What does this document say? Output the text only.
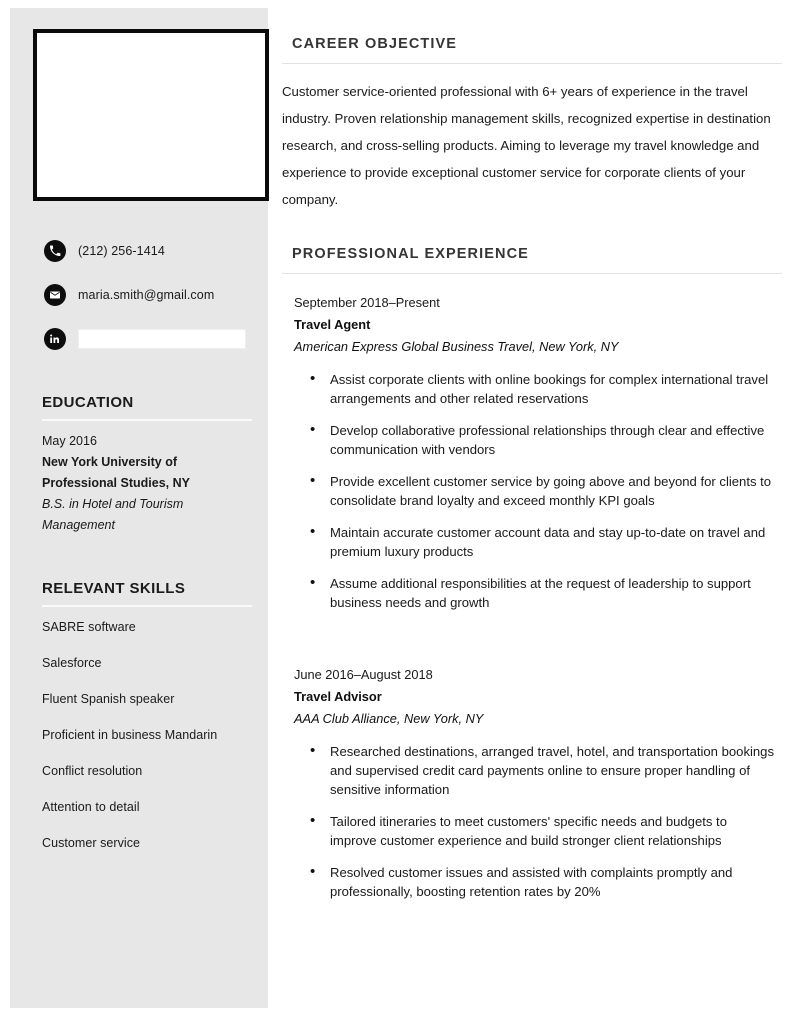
(212) 256-1414
maria.smith@gmail.com
EDUCATION
May 2016
New York University of
Professional Studies, NY
B.S. in Hotel and Tourism
Management
RELEVANT SKILLS
SABRE software
Salesforce
Fluent Spanish speaker
Proficient in business Mandarin
Conflict resolution
Attention to detail
Customer service
CAREER OBJECTIVE

Customer service-oriented professional with 6+ years of experience in the travel industry. Proven relationship management skills, recognized expertise in destination research, and cross-selling products. Aiming to leverage my travel knowledge and experience to provide exceptional customer service for corporate clients of your company.

PROFESSIONAL EXPERIENCE
September 2018–Present
Travel Agent
American Express Global Business Travel, New York, NY
• Assist corporate clients with online bookings for complex international travel arrangements and other related reservations
• Develop collaborative professional relationships through clear and effective communication with vendors
• Provide excellent customer service by going above and beyond for clients to consolidate brand loyalty and exceed monthly KPI goals
• Maintain accurate customer account data and stay up-to-date on travel and premium luxury products
• Assume additional responsibilities at the request of leadership to support business needs and growth
June 2016–August 2018
Travel Advisor
AAA Club Alliance, New York, NY
• Researched destinations, arranged travel, hotel, and transportation bookings and supervised credit card payments online to ensure proper handling of sensitive information
• Tailored itineraries to meet customers' specific needs and budgets to improve customer experience and build stronger client relationships
• Resolved customer issues and assisted with complaints promptly and professionally, boosting retention rates by 20%
